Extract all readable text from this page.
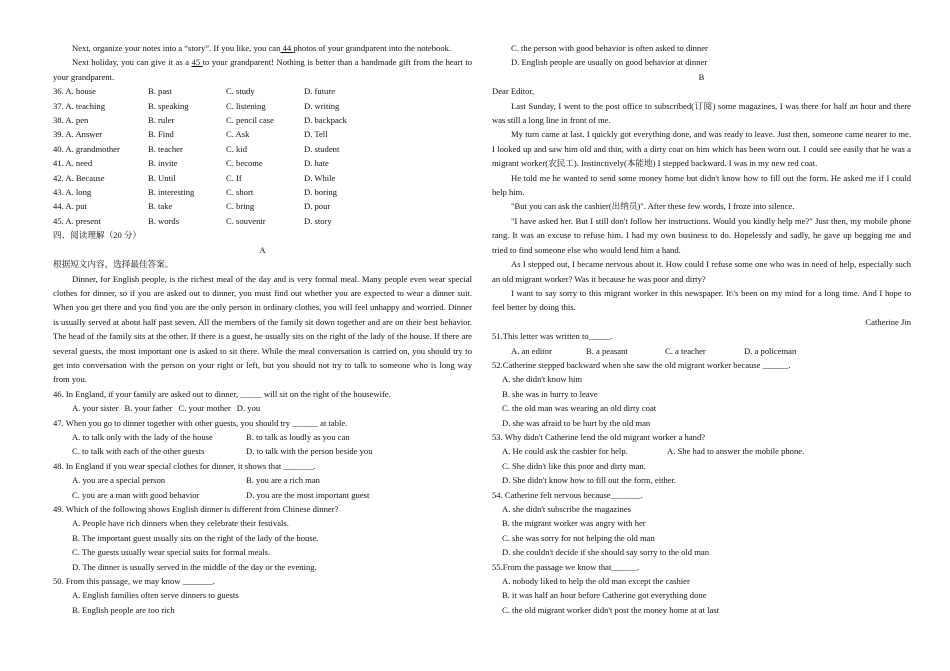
Next, organize your notes into a “story”. If you like, you can 44 photos of your grandparent into the notebook.

Next holiday, you can give it as a 45 to your grandparent! Nothing is better than a handmade gift from the heart to your grandparent.

36. A. house	B. past	C. study	D. future
37. A. teaching	B. speaking	C. listening	D. writing
38. A. pen	B. ruler	C. pencil case	D. backpack
39. A. Answer	B. Find	C. Ask	D. Tell
40. A. grandmother	B. teacher	C. kid	D. student
41. A. need	B. invite	C. become	D. hate
42. A. Because	B. Until	C. If	D. While
43. A. long	B. interesting	C. short	D. boring
44. A. put	B. take	C. bring	D. pour
45. A. present	B. words	C. souvenir	D. story

四、阅读理解（20 分）

A

根据短文内容，选择最佳答案。

Dinner, for English people, is the richest meal of the day and is very formal meal. Many people even wear special clothes for dinner, so if you are asked out to dinner, you must find out whether you are expected to wear a dinner suit. When you get there and you find you are the only person in ordinary clothes, you will feel unhappy and worried. Dinner is usually served at about half past seven. All the members of the family sit down together and are on their best behavior. The head of the family sits at the other. If there is a guest, he usually sits on the right of the lady of the house. If there are several guests, the most important one is asked to sit there. While the meal conversation is carried on, you should try to get into conversation with the person on your right or left, but you should not try to talk to someone who is long way from you.

46. In England, if your family are asked out to dinner, _____ will sit on the right of the housewife.

A. your sister B. your father C. your mother D. you

47. When you go to dinner together with other guests, you should try ______ at table.

A. to talk only with the lady of the house	B. to talk as loudly as you can
C. to talk with each of the other guests	D. to talk with the person beside you

48. In England if you wear special clothes for dinner, it shows that _______.

A. you are a special person	B. you are a rich man
C. you are a man with good behavior	D. you are the most important guest

49. Which of the following shows English dinner is different from Chinese dinner?

A. People have rich dinners when they celebrate their festivals.

B. The important guest usually sits on the right of the lady of the house.

C. The guests usually wear special suits for formal meals.

D. The dinner is usually served in the middle of the day or the evening.

50. From this passage, we may know _______.

A. English families often serve dinners to guests

B. English people are too rich

C. the person with good behavior is often asked to dinner

D. English people are usually on good behavior at dinner

B

Dear Editor,

Last Sunday, I went to the post office to subscribed(订阅) some magazines, I was there for half an hour and there was still a long line in front of me.

My turn came at last. I quickly got everything done, and was ready to leave. Just then, someone came nearer to me. I looked up and saw him old and thin, with a dirty coat on him which has been worn out. I could see easily that he was a migrant worker(农民工). Instinctively(本能地) I stepped backward. I was in my new red coat.

He told me he wanted to send some money home but didn't know how to fill out the form. He asked me if I could help him.

"But you can ask the cashier(出纳员)". After these few words, I froze into silence.

"I have asked her. But I still don't follow her instructions. Would you kindly help me?" Just then, my mobile phone rang. It was an excuse to refuse him. I had my own business to do. Hopelessly and sadly, he gave up begging me and tried to find someone else who would lend him a hand.

As I stepped out, I became nervous about it. How could I refuse some one who was in need of help, especially such an old migrant worker? Was it because he was poor and dirty?

I want to say sorry to this migrant worker in this newspaper. It\'s been on my mind for a long time. And I hope to feel better by doing this.

Catherine Jin

51.This letter was written to_____.

A. an editor	B. a peasant	C. a teacher	D. a policeman

52.Catherine stepped backward when she saw the old migrant worker because ______.

A. she didn't know him

B. she was in hurry to leave

C. the old man was wearing an old dirty coat

D. she was afraid to be hurt by the old man

53. Why didn't Catherine lend the old migrant worker a hand?

A. He could ask the cashier for help.	A. She had to answer the mobile phone.

C. She didn't like this poor and dirty man.

D. She didn't know how to fill out the form, either.

54. Catherine felt nervous because_______.

A. she didn't subscribe the magazines

B. the migrant worker was angry with her

C. she was sorry for not helping the old man

D. she couldn't decide if she should say sorry to the old man

55.From the passage we know that______.

A. nobody liked to help the old man except the cashier

B. it was half an hour before Catherine got everything done

C. the old migrant worker didn't post the money home at at last
